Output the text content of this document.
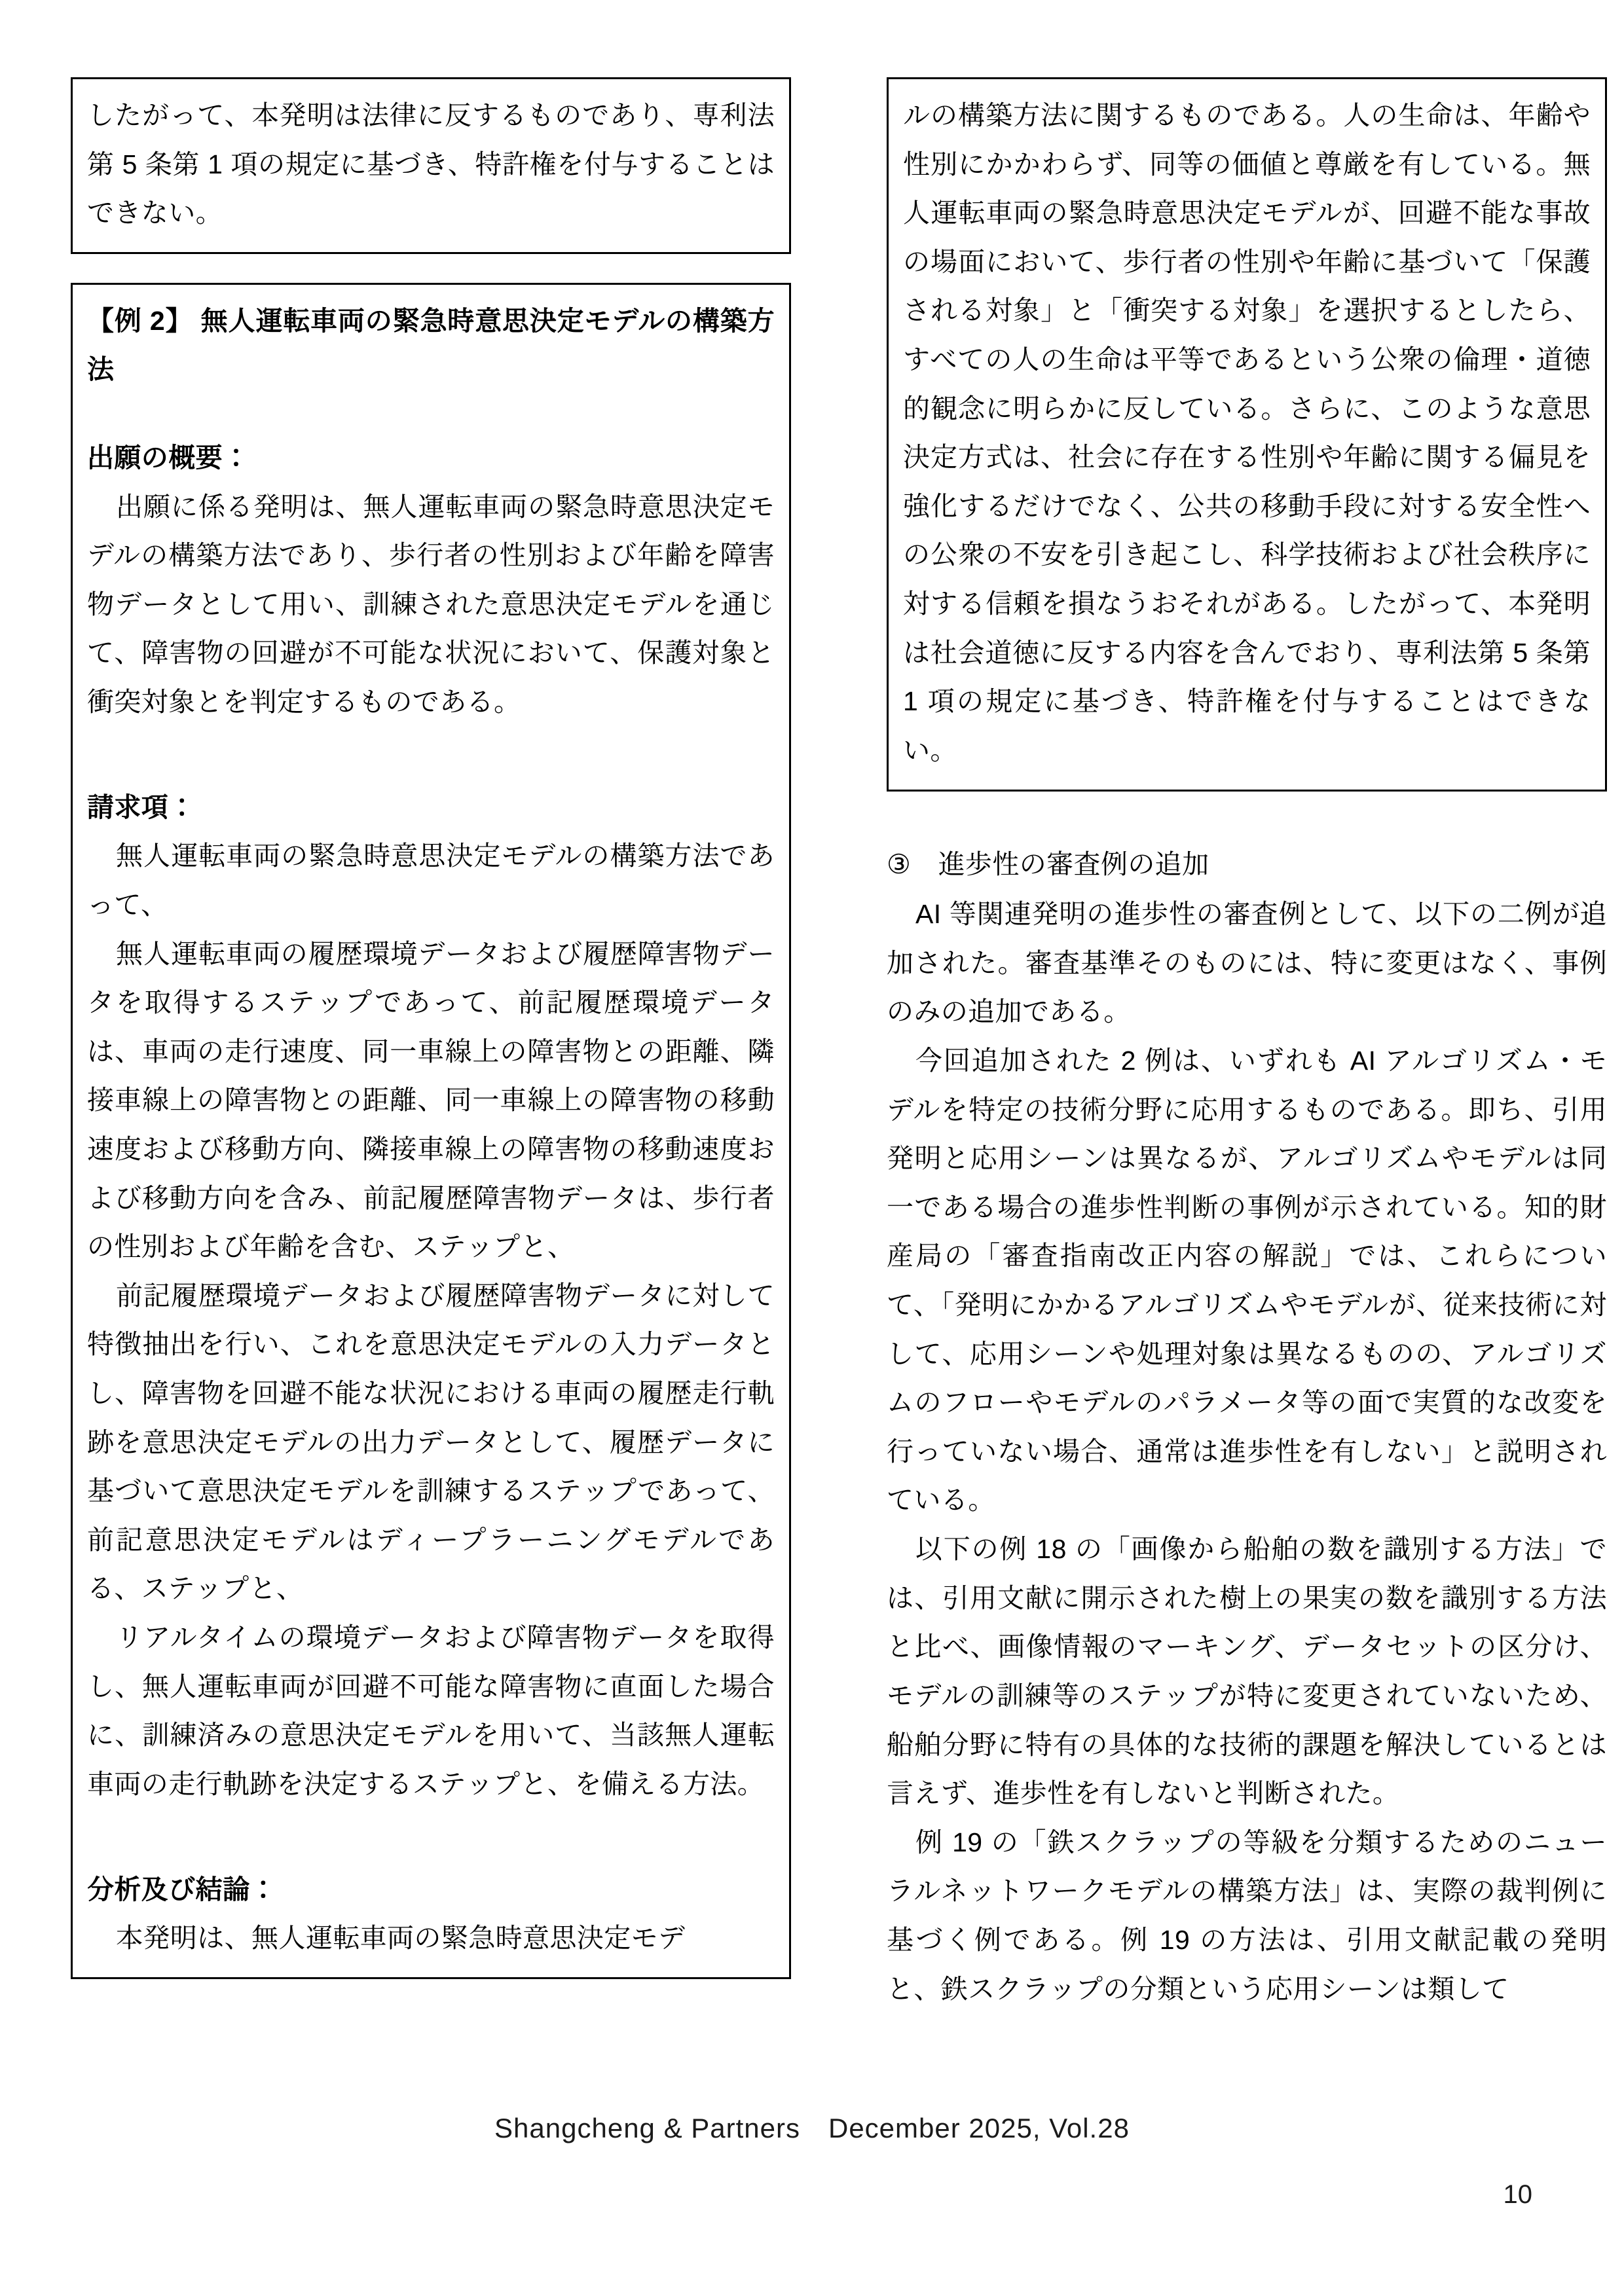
したがって、本発明は法律に反するものであり、専利法第 5 条第 1 項の規定に基づき、特許権を付与することはできない。

【例 2】 無人運転車両の緊急時意思決定モデルの構築方法

出願の概要：

出願に係る発明は、無人運転車両の緊急時意思決定モデルの構築方法であり、歩行者の性別および年齢を障害物データとして用い、訓練された意思決定モデルを通じて、障害物の回避が不可能な状況において、保護対象と衝突対象とを判定するものである。

請求項：

無人運転車両の緊急時意思決定モデルの構築方法であって、

無人運転車両の履歴環境データおよび履歴障害物データを取得するステップであって、前記履歴環境データは、車両の走行速度、同一車線上の障害物との距離、隣接車線上の障害物との距離、同一車線上の障害物の移動速度および移動方向、隣接車線上の障害物の移動速度および移動方向を含み、前記履歴障害物データは、歩行者の性別および年齢を含む、ステップと、

前記履歴環境データおよび履歴障害物データに対して特徴抽出を行い、これを意思決定モデルの入力データとし、障害物を回避不能な状況における車両の履歴走行軌跡を意思決定モデルの出力データとして、履歴データに基づいて意思決定モデルを訓練するステップであって、前記意思決定モデルはディープラーニングモデルである、ステップと、

リアルタイムの環境データおよび障害物データを取得し、無人運転車両が回避不可能な障害物に直面した場合に、訓練済みの意思決定モデルを用いて、当該無人運転車両の走行軌跡を決定するステップと、を備える方法。

分析及び結論：

本発明は、無人運転車両の緊急時意思決定モデ

ルの構築方法に関するものである。人の生命は、年齢や性別にかかわらず、同等の価値と尊厳を有している。無人運転車両の緊急時意思決定モデルが、回避不能な事故の場面において、歩行者の性別や年齢に基づいて「保護される対象」と「衝突する対象」を選択するとしたら、すべての人の生命は平等であるという公衆の倫理・道徳的観念に明らかに反している。さらに、このような意思決定方式は、社会に存在する性別や年齢に関する偏見を強化するだけでなく、公共の移動手段に対する安全性への公衆の不安を引き起こし、科学技術および社会秩序に対する信頼を損なうおそれがある。したがって、本発明は社会道徳に反する内容を含んでおり、専利法第 5 条第 1 項の規定に基づき、特許権を付与することはできない。

③　進歩性の審査例の追加

AI 等関連発明の進歩性の審査例として、以下の二例が追加された。審査基準そのものには、特に変更はなく、事例のみの追加である。

今回追加された 2 例は、いずれも AI アルゴリズム・モデルを特定の技術分野に応用するものである。即ち、引用発明と応用シーンは異なるが、アルゴリズムやモデルは同一である場合の進歩性判断の事例が示されている。知的財産局の「審査指南改正内容の解説」では、これらについて、「発明にかかるアルゴリズムやモデルが、従来技術に対して、応用シーンや処理対象は異なるものの、アルゴリズムのフローやモデルのパラメータ等の面で実質的な改変を行っていない場合、通常は進歩性を有しない」と説明されている。

以下の例 18 の「画像から船舶の数を識別する方法」では、引用文献に開示された樹上の果実の数を識別する方法と比べ、画像情報のマーキング、データセットの区分け、モデルの訓練等のステップが特に変更されていないため、船舶分野に特有の具体的な技術的課題を解決しているとは言えず、進歩性を有しないと判断された。

例 19 の「鉄スクラップの等級を分類するためのニューラルネットワークモデルの構築方法」は、実際の裁判例に基づく例である。例 19 の方法は、引用文献記載の発明と、鉄スクラップの分類という応用シーンは類して

Shangcheng & Partners　December 2025, Vol.28
10
